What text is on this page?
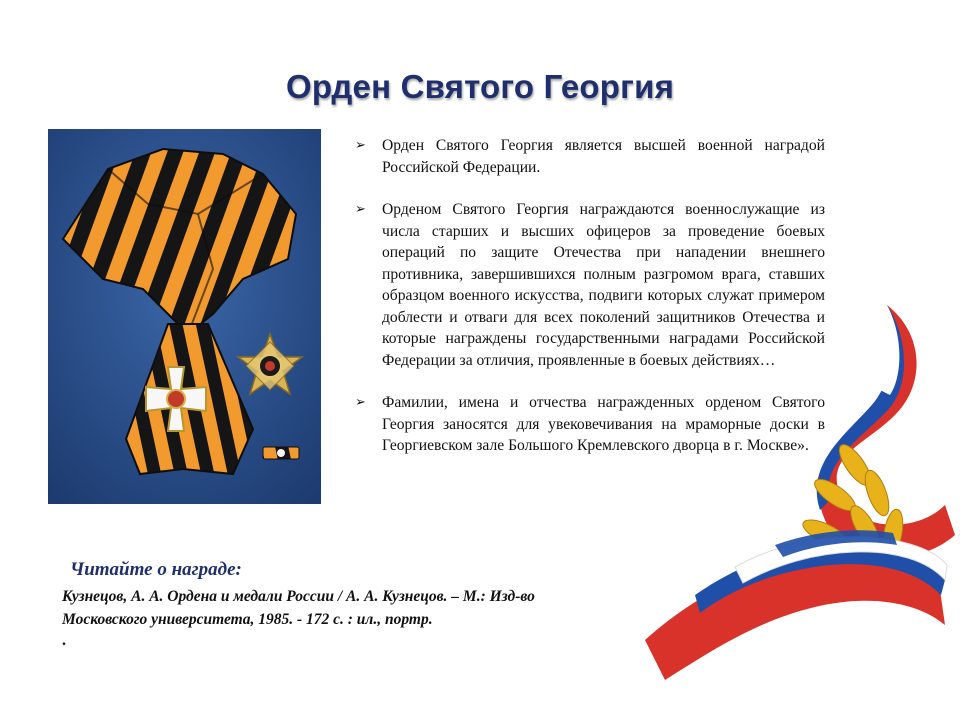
Орден Святого Георгия
➢ Орден Святого Георгия является высшей военной наградой Российской Федерации.
➢ Орденом Святого Георгия награждаются военнослужащие из числа старших и высших офицеров за проведение боевых операций по защите Отечества при нападении внешнего противника, завершившихся полным разгромом врага, ставших образцом военного искусства, подвиги которых служат примером доблести и отваги для всех поколений защитников Отечества и которые награждены государственными наградами Российской Федерации за отличия, проявленные в боевых действиях…
➢ Фамилии, имена и отчества награжденных орденом Святого Георгия заносятся для увековечивания на мраморные доски в Георгиевском зале Большого Кремлевского дворца в г. Москве».
Читайте о награде:
Кузнецов, А. А. Ордена и медали России / А. А. Кузнецов. – М.: Изд-во Московского университета, 1985. - 172 с. : ил., портр.
.
